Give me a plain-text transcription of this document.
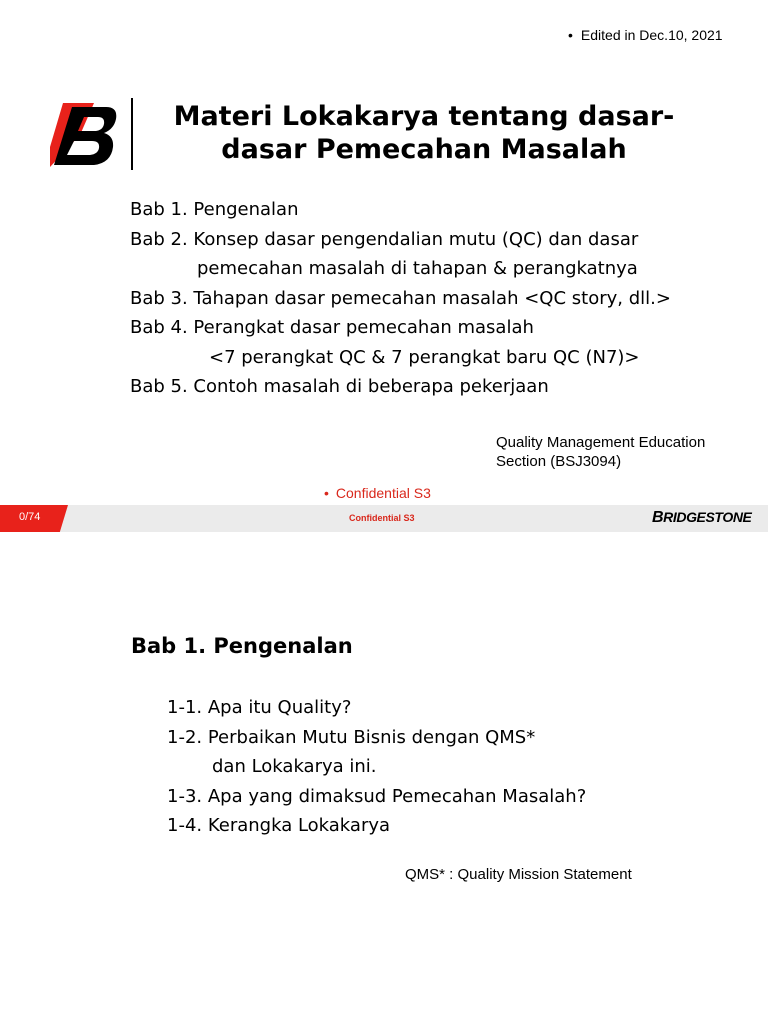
• Edited in Dec.10, 2021
Materi Lokakarya tentang dasar-
dasar Pemecahan Masalah
Bab 1. Pengenalan
Bab 2. Konsep dasar pengendalian mutu (QC) dan dasar
pemecahan masalah di tahapan & perangkatnya
Bab 3. Tahapan dasar pemecahan masalah <QC story, dll.>
Bab 4. Perangkat dasar pemecahan masalah
<7 perangkat QC & 7 perangkat baru QC (N7)>
Bab 5. Contoh masalah di beberapa pekerjaan
Quality Management Education
Section (BSJ3094)
• Confidential S3
0/74	Confidential S3	BRIDGESTONE
Bab 1. Pengenalan
1-1. Apa itu Quality?
1-2. Perbaikan Mutu Bisnis dengan QMS*
dan Lokakarya ini.
1-3. Apa yang dimaksud Pemecahan Masalah?
1-4. Kerangka Lokakarya
QMS* : Quality Mission Statement
